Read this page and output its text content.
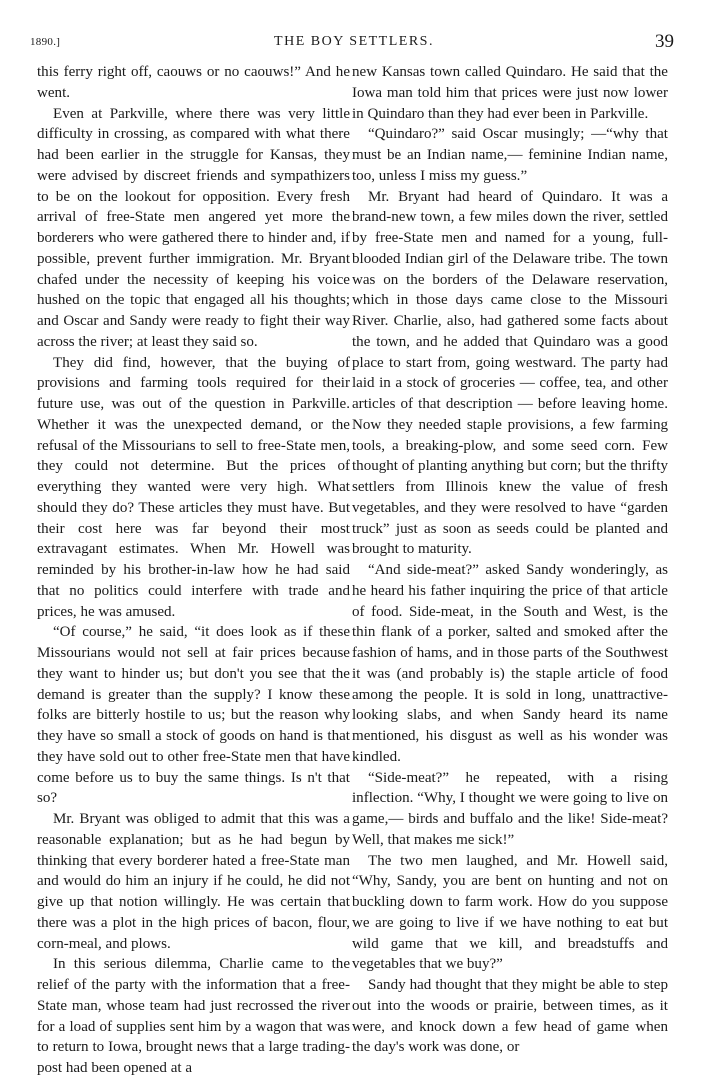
1890.]	THE BOY SETTLERS.	39

this ferry right off, caouws or no caouws!” And he went.

Even at Parkville, where there was very little difficulty in crossing, as compared with what there had been earlier in the struggle for Kansas, they were advised by discreet friends and sympathizers to be on the lookout for opposition. Every fresh arrival of free-State men angered yet more the borderers who were gathered there to hinder and, if possible, prevent further immigration. Mr. Bryant chafed under the necessity of keeping his voice hushed on the topic that engaged all his thoughts; and Oscar and Sandy were ready to fight their way across the river; at least they said so.

They did find, however, that the buying of provisions and farming tools required for their future use, was out of the question in Parkville. Whether it was the unexpected demand, or the refusal of the Missourians to sell to free-State men, they could not determine. But the prices of everything they wanted were very high. What should they do? These articles they must have. But their cost here was far beyond their most extravagant estimates. When Mr. Howell was reminded by his brother-in-law how he had said that no politics could interfere with trade and prices, he was amused.

“Of course,” he said, “it does look as if these Missourians would not sell at fair prices because they want to hinder us; but don't you see that the demand is greater than the supply? I know these folks are bitterly hostile to us; but the reason why they have so small a stock of goods on hand is that they have sold out to other free-State men that have come before us to buy the same things. Is n't that so?

Mr. Bryant was obliged to admit that this was a reasonable explanation; but as he had begun by thinking that every borderer hated a free-State man and would do him an injury if he could, he did not give up that notion willingly. He was certain that there was a plot in the high prices of bacon, flour, corn-meal, and plows.

In this serious dilemma, Charlie came to the relief of the party with the information that a free-State man, whose team had just recrossed the river for a load of supplies sent him by a wagon that was to return to Iowa, brought news that a large trading-post had been opened at a

new Kansas town called Quindaro. He said that the Iowa man told him that prices were just now lower in Quindaro than they had ever been in Parkville.

“Quindaro?” said Oscar musingly; —“why that must be an Indian name,— feminine Indian name, too, unless I miss my guess.”

Mr. Bryant had heard of Quindaro. It was a brand-new town, a few miles down the river, settled by free-State men and named for a young, full-blooded Indian girl of the Delaware tribe. The town was on the borders of the Delaware reservation, which in those days came close to the Missouri River. Charlie, also, had gathered some facts about the town, and he added that Quindaro was a good place to start from, going westward. The party had laid in a stock of groceries — coffee, tea, and other articles of that description — before leaving home. Now they needed staple provisions, a few farming tools, a breaking-plow, and some seed corn. Few thought of planting anything but corn; but the thrifty settlers from Illinois knew the value of fresh vegetables, and they were resolved to have “garden truck” just as soon as seeds could be planted and brought to maturity.

“And side-meat?” asked Sandy wonderingly, as he heard his father inquiring the price of that article of food. Side-meat, in the South and West, is the thin flank of a porker, salted and smoked after the fashion of hams, and in those parts of the Southwest it was (and probably is) the staple article of food among the people. It is sold in long, unattractive-looking slabs, and when Sandy heard its name mentioned, his disgust as well as his wonder was kindled.

“Side-meat?” he repeated, with a rising inflection. “Why, I thought we were going to live on game,— birds and buffalo and the like! Side-meat? Well, that makes me sick!”

The two men laughed, and Mr. Howell said, “Why, Sandy, you are bent on hunting and not on buckling down to farm work. How do you suppose we are going to live if we have nothing to eat but wild game that we kill, and breadstuffs and vegetables that we buy?”

Sandy had thought that they might be able to step out into the woods or prairie, between times, as it were, and knock down a few head of game when the day's work was done, or
